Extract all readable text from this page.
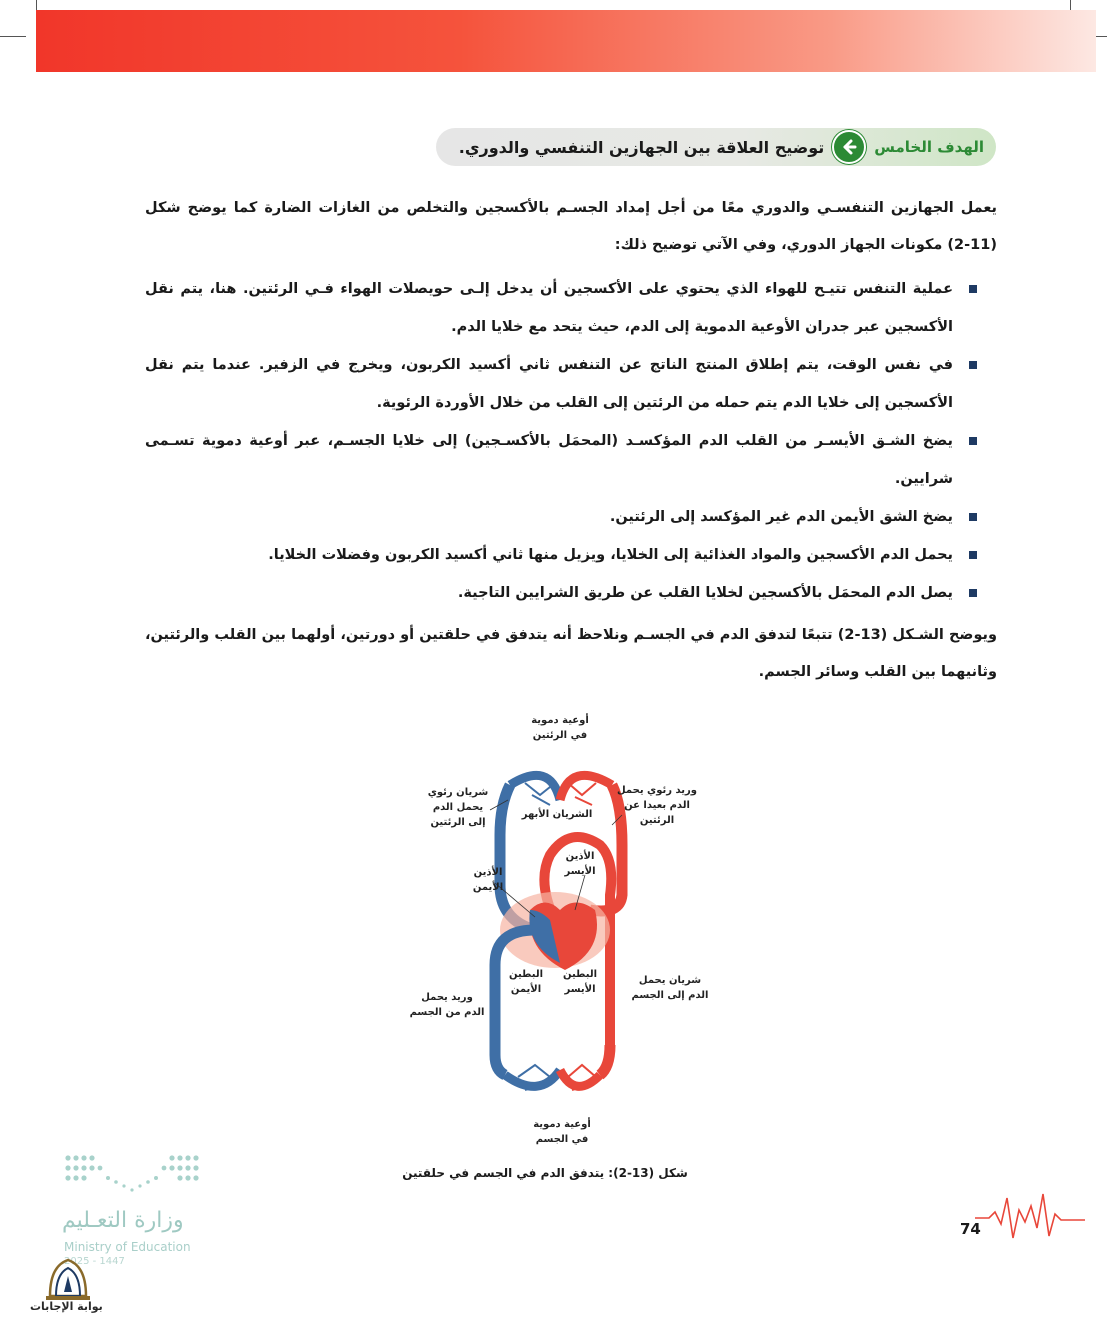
الهدف الخامس
توضيح العلاقة بين الجهازين التنفسي والدوري.
يعمل الجهازين التنفسـي والدوري معًا من أجل إمداد الجسـم بالأكسجين والتخلص من الغازات الضارة كما يوضح شكل (11-2) مكونات الجهاز الدوري، وفي الآتي توضيح ذلك:
عملية التنفس تتيـح للهواء الذي يحتوي على الأكسجين أن يدخل إلـى حويصلات الهواء فـي الرئتين. هنا، يتم نقل الأكسجين عبر جدران الأوعية الدموية إلى الدم، حيث يتحد مع خلايا الدم.
في نفس الوقت، يتم إطلاق المنتج الناتج عن التنفس ثاني أكسيد الكربون، ويخرج في الزفير. عندما يتم نقل الأكسجين إلى خلايا الدم يتم حمله من الرئتين إلى القلب من خلال الأوردة الرئوية.
يضخ الشـق الأيسـر من القلب الدم المؤكسـد (المحمَل بالأكسـجين) إلى خلايا الجسـم، عبر أوعية دموية تسـمى شرايين.
يضخ الشق الأيمن الدم غير المؤكسد إلى الرئتين.
يحمل الدم الأكسجين والمواد الغذائية إلى الخلايا، ويزيل منها ثاني أكسيد الكربون وفضلات الخلايا.
يصل الدم المحمَل بالأكسجين لخلايا القلب عن طريق الشرايين التاجية.
ويوضح الشـكل (13-2) تتبعًا لتدفق الدم في الجسـم ونلاحظ أنه يتدفق في حلقتين أو دورتين، أولهما بين القلب والرئتين، وثانيهما بين القلب وسائر الجسم.
أوعية دموية
في الرئتين
شريان رئوي
يحمل الدم
إلى الرئتين
وريد رئوي يحمل
الدم بعيدا عن
الرئتين
الشريان الأبهر
الأذين
الأيسر
الأذين
الأيمن
البطين
الأيمن
البطين
الأيسر
شريان يحمل
الدم إلى الجسم
وريد يحمل
الدم من الجسم
أوعية دموية
في الجسم
شكل (13-2): يتدفق الدم في الجسم في حلقتين
وزارة التعـليم
Ministry of Education
2025 - 1447
74
بوابة الإجابات
